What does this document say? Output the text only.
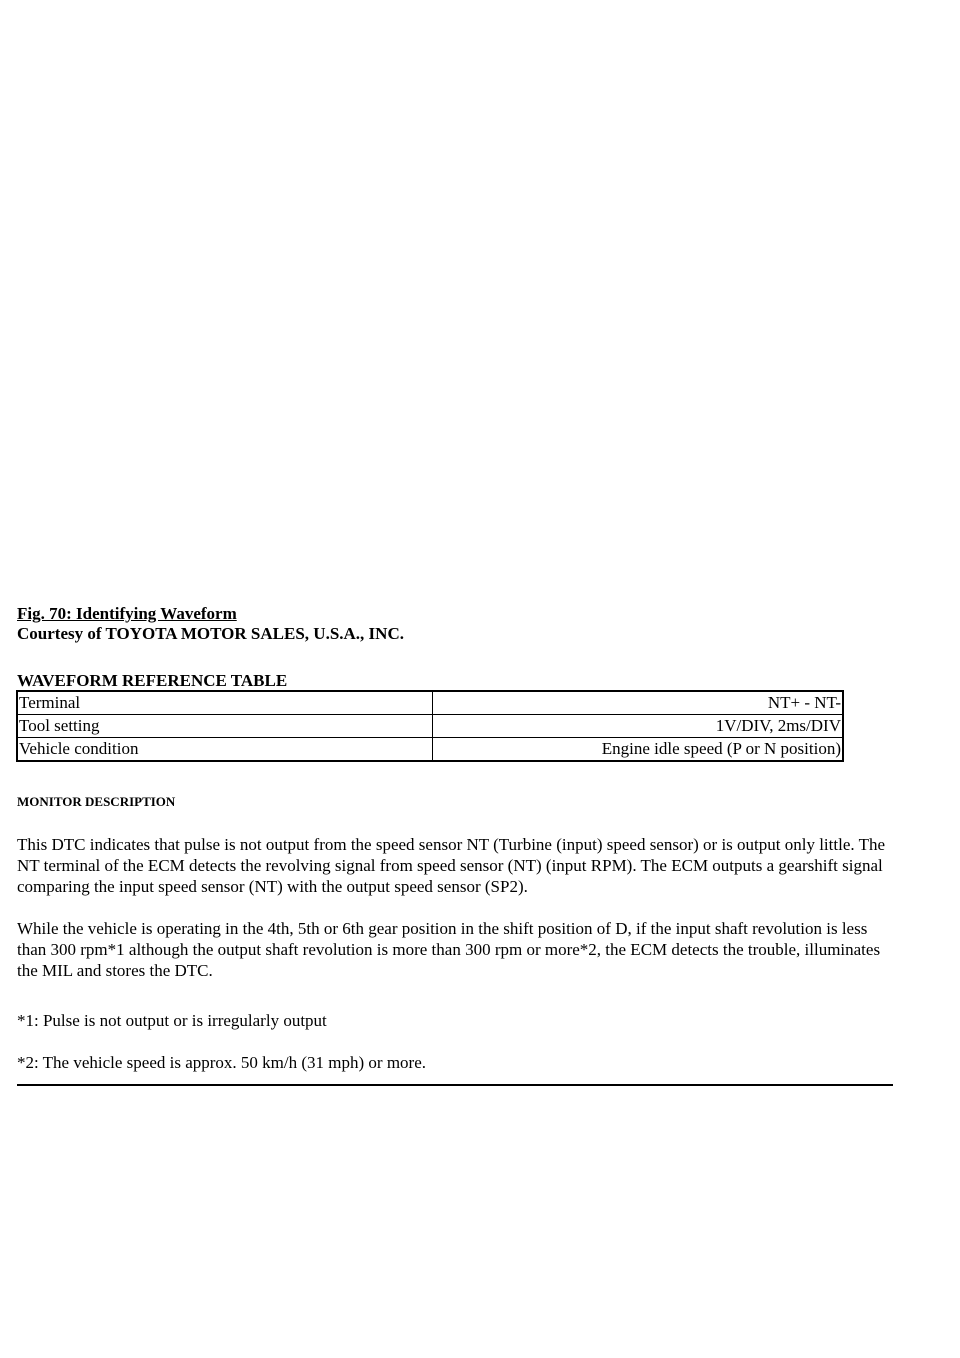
Fig. 70: Identifying Waveform
Courtesy of TOYOTA MOTOR SALES, U.S.A., INC.
WAVEFORM REFERENCE TABLE
Terminal	NT+ - NT-
Tool setting	1V/DIV, 2ms/DIV
Vehicle condition	Engine idle speed (P or N position)
MONITOR DESCRIPTION

This DTC indicates that pulse is not output from the speed sensor NT (Turbine (input) speed sensor) or is output only little. The NT terminal of the ECM detects the revolving signal from speed sensor (NT) (input RPM). The ECM outputs a gearshift signal comparing the input speed sensor (NT) with the output speed sensor (SP2).

While the vehicle is operating in the 4th, 5th or 6th gear position in the shift position of D, if the input shaft revolution is less than 300 rpm*1 although the output shaft revolution is more than 300 rpm or more*2, the ECM detects the trouble, illuminates the MIL and stores the DTC.

*1: Pulse is not output or is irregularly output

*2: The vehicle speed is approx. 50 km/h (31 mph) or more.
